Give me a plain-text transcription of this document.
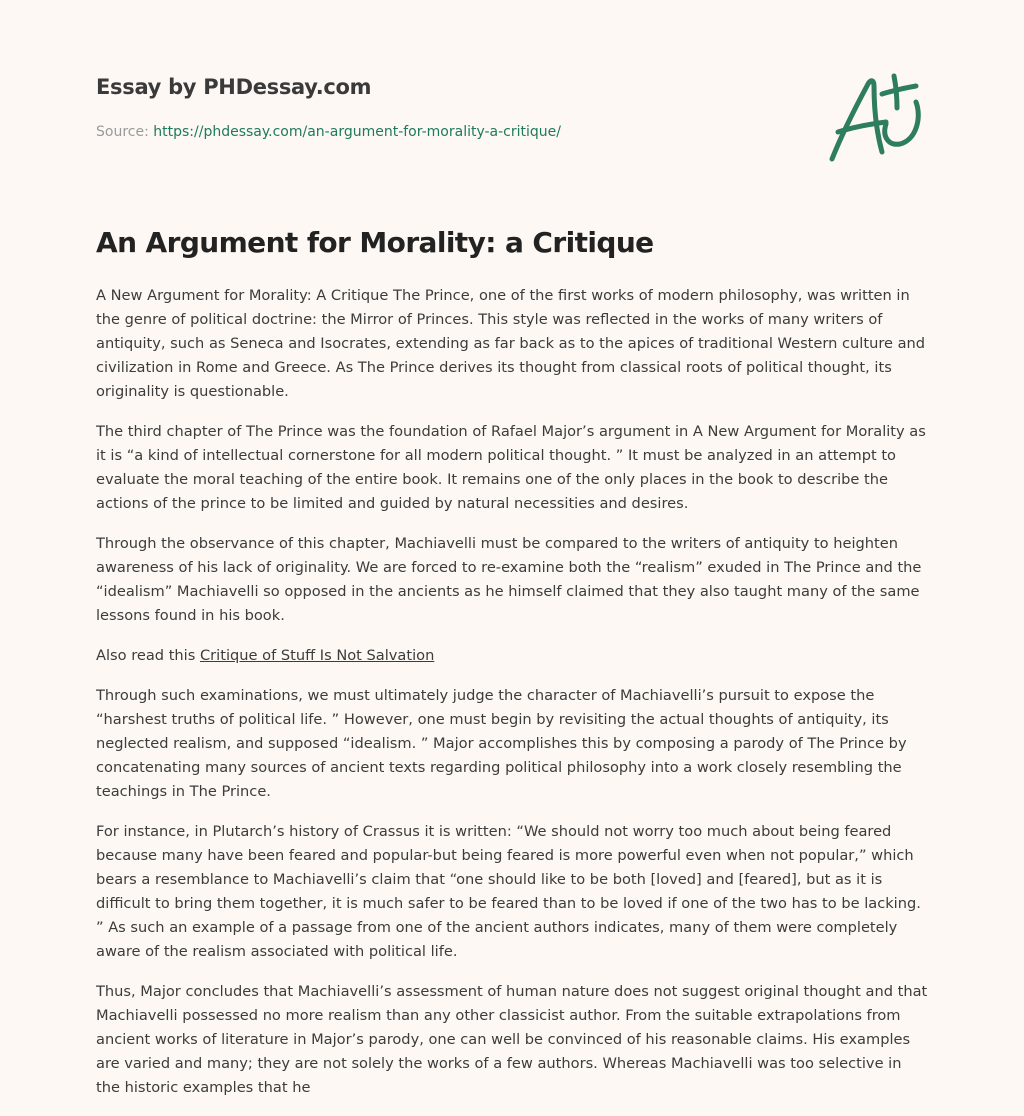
Essay by PHDessay.com
Source: https://phdessay.com/an-argument-for-morality-a-critique/
An Argument for Morality: a Critique

A New Argument for Morality: A Critique The Prince, one of the first works of modern philosophy, was written in the genre of political doctrine: the Mirror of Princes. This style was reflected in the works of many writers of antiquity, such as Seneca and Isocrates, extending as far back as to the apices of traditional Western culture and civilization in Rome and Greece. As The Prince derives its thought from classical roots of political thought, its originality is questionable.

The third chapter of The Prince was the foundation of Rafael Major’s argument in A New Argument for Morality as it is “a kind of intellectual cornerstone for all modern political thought. ” It must be analyzed in an attempt to evaluate the moral teaching of the entire book. It remains one of the only places in the book to describe the actions of the prince to be limited and guided by natural necessities and desires.

Through the observance of this chapter, Machiavelli must be compared to the writers of antiquity to heighten awareness of his lack of originality. We are forced to re-examine both the “realism” exuded in The Prince and the “idealism” Machiavelli so opposed in the ancients as he himself claimed that they also taught many of the same lessons found in his book.

Also read this Critique of Stuff Is Not Salvation

Through such examinations, we must ultimately judge the character of Machiavelli’s pursuit to expose the “harshest truths of political life. ” However, one must begin by revisiting the actual thoughts of antiquity, its neglected realism, and supposed “idealism. ” Major accomplishes this by composing a parody of The Prince by concatenating many sources of ancient texts regarding political philosophy into a work closely resembling the teachings in The Prince.

For instance, in Plutarch’s history of Crassus it is written: “We should not worry too much about being feared because many have been feared and popular-but being feared is more powerful even when not popular,” which bears a resemblance to Machiavelli’s claim that “one should like to be both [loved] and [feared], but as it is difficult to bring them together, it is much safer to be feared than to be loved if one of the two has to be lacking. ” As such an example of a passage from one of the ancient authors indicates, many of them were completely aware of the realism associated with political life.

Thus, Major concludes that Machiavelli’s assessment of human nature does not suggest original thought and that Machiavelli possessed no more realism than any other classicist author. From the suitable extrapolations from ancient works of literature in Major’s parody, one can well be convinced of his reasonable claims. His examples are varied and many; they are not solely the works of a few authors. Whereas Machiavelli was too selective in the historic examples that he
